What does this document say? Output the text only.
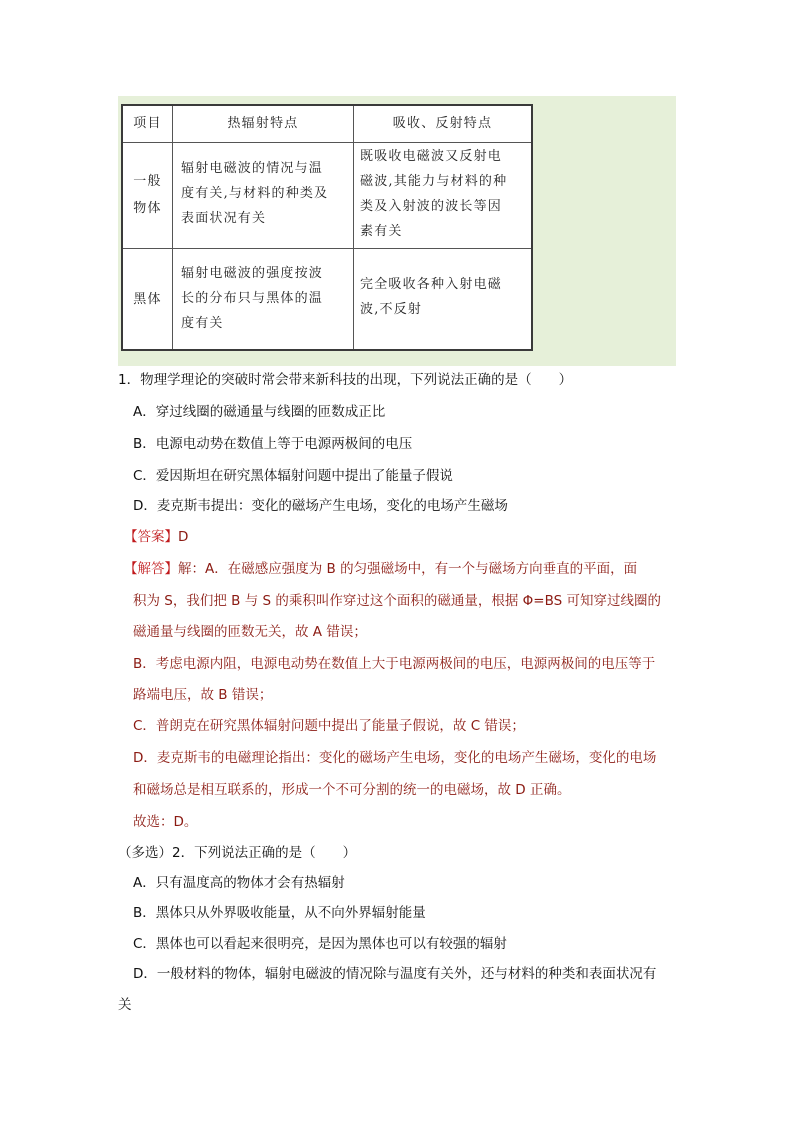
项目	热辐射特点	吸收、反射特点
一般
物体
辐射电磁波的情况与温
度有关,与材料的种类及
表面状况有关
既吸收电磁波又反射电
磁波,其能力与材料的种
类及入射波的波长等因
素有关
黑体
辐射电磁波的强度按波
长的分布只与黑体的温
度有关
完全吸收各种入射电磁
波,不反射
1．物理学理论的突破时常会带来新科技的出现，下列说法正确的是（　　）
A．穿过线圈的磁通量与线圈的匝数成正比
B．电源电动势在数值上等于电源两极间的电压
C．爱因斯坦在研究黑体辐射问题中提出了能量子假说
D．麦克斯韦提出：变化的磁场产生电场，变化的电场产生磁场
【答案】D
【解答】解：A．在磁感应强度为 B 的匀强磁场中，有一个与磁场方向垂直的平面，面
积为 S，我们把 B 与 S 的乘积叫作穿过这个面积的磁通量，根据 Φ=BS 可知穿过线圈的
磁通量与线圈的匝数无关，故 A 错误；
B．考虑电源内阻，电源电动势在数值上大于电源两极间的电压，电源两极间的电压等于
路端电压，故 B 错误；
C．普朗克在研究黑体辐射问题中提出了能量子假说，故 C 错误；
D．麦克斯韦的电磁理论指出：变化的磁场产生电场，变化的电场产生磁场，变化的电场
和磁场总是相互联系的，形成一个不可分割的统一的电磁场，故 D 正确。
故选：D。
（多选）2．下列说法正确的是（　　）
A．只有温度高的物体才会有热辐射
B．黑体只从外界吸收能量，从不向外界辐射能量
C．黑体也可以看起来很明亮，是因为黑体也可以有较强的辐射
D．一般材料的物体，辐射电磁波的情况除与温度有关外，还与材料的种类和表面状况有
关
